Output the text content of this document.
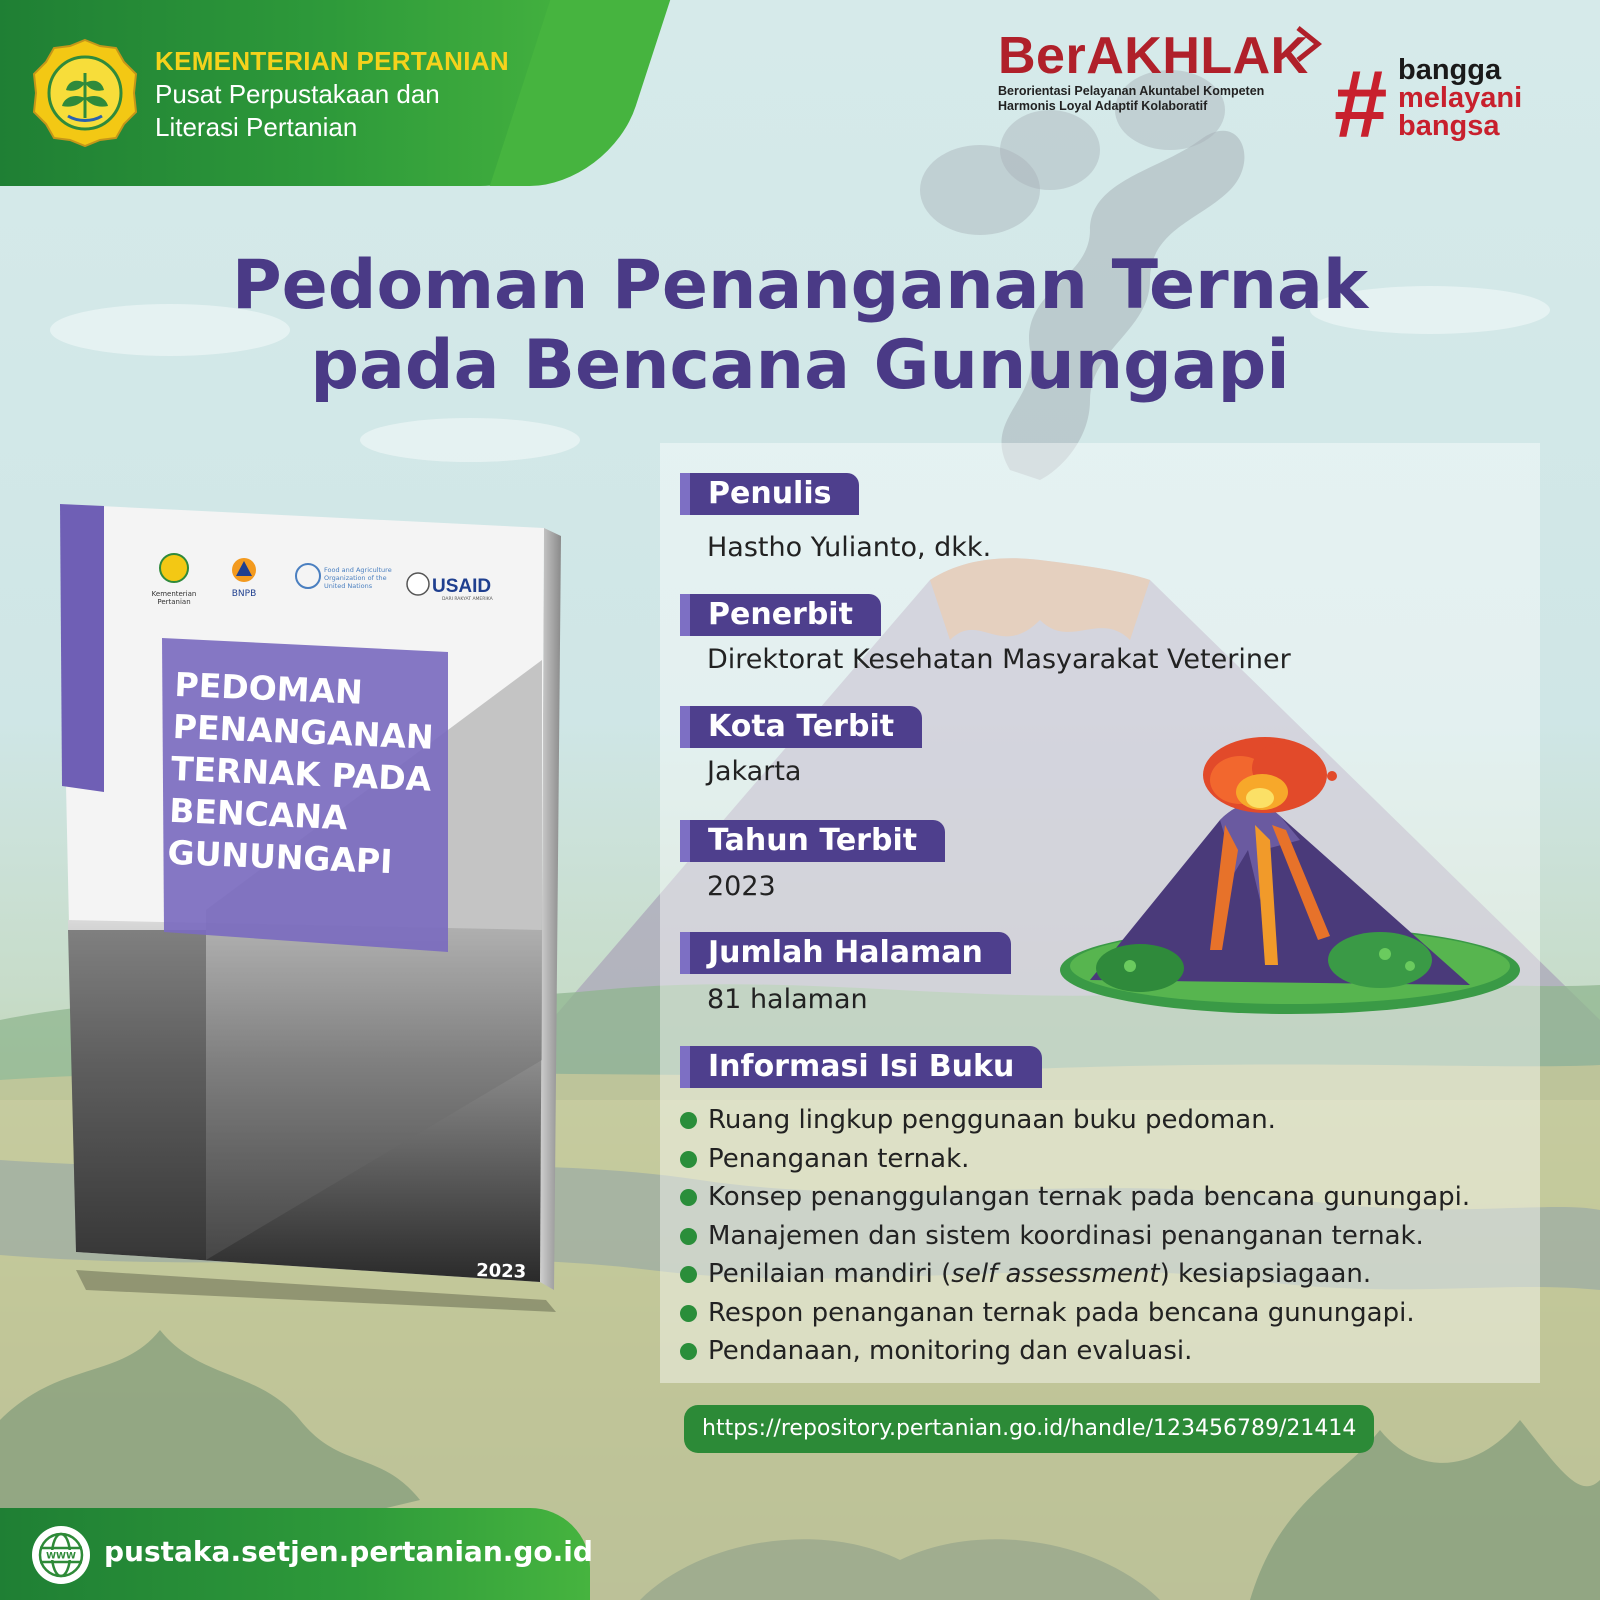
KEMENTERIAN PERTANIAN
Pusat Perpustakaan dan
Literasi Pertanian
BerAKHLAK
Berorientasi Pelayanan Akuntabel Kompeten
Harmonis Loyal Adaptif Kolaboratif	# bangga
melayani
bangsa
Pedoman Penanganan Ternak
pada Bencana Gunungapi
Kementerian
Pertanian
BNPB
Food and Agriculture
Organization of the
United Nations	USAID
DARI RAKYAT AMERIKA
PEDOMAN
PENANGANAN
TERNAK PADA
BENCANA
GUNUNGAPI
2023
Penulis
Hastho Yulianto, dkk.
Penerbit
Direktorat Kesehatan Masyarakat Veteriner
Kota Terbit
Jakarta
Tahun Terbit
2023
Jumlah Halaman
81 halaman
Informasi Isi Buku
Ruang lingkup penggunaan buku pedoman.
Penanganan ternak.
Konsep penanggulangan ternak pada bencana gunungapi.
Manajemen dan sistem koordinasi penanganan ternak.
Penilaian mandiri (self assessment) kesiapsiagaan.
Respon penanganan ternak pada bencana gunungapi.
Pendanaan, monitoring dan evaluasi.
https://repository.pertanian.go.id/handle/123456789/21414
WWW pustaka.setjen.pertanian.go.id
